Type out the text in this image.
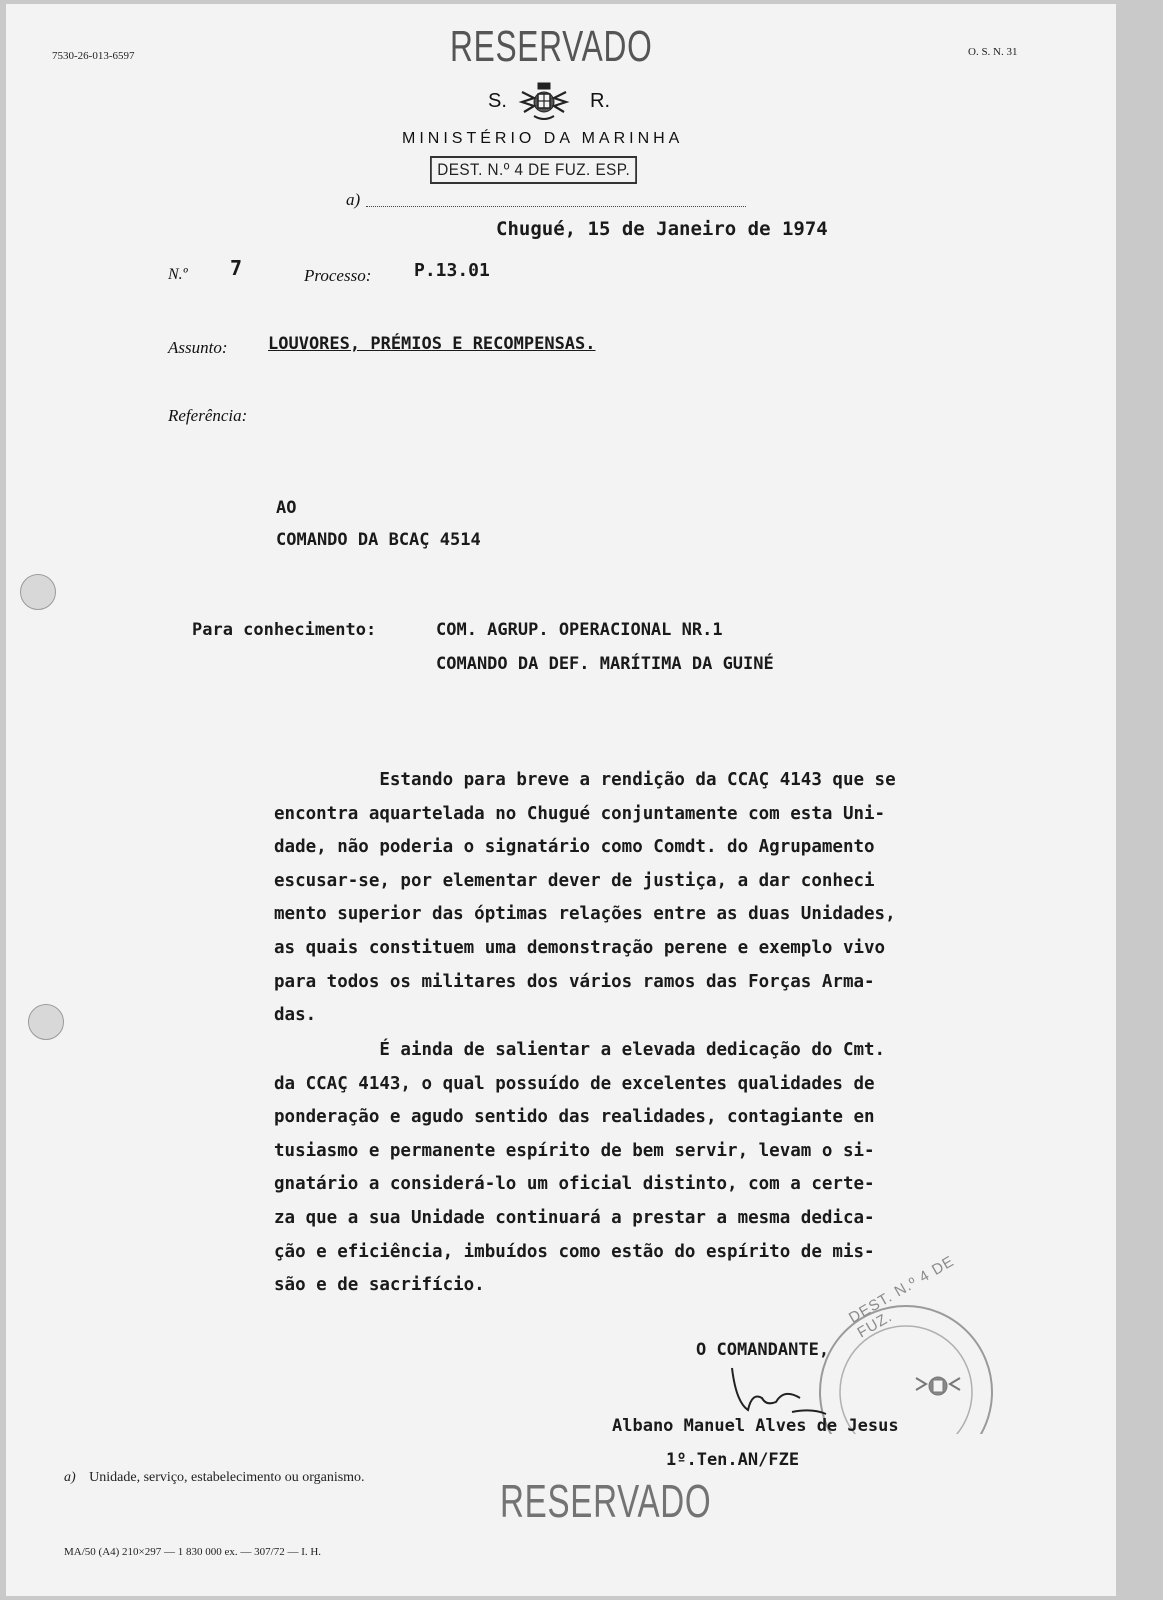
7530-26-013-6597	O. S. N. 31
RESERVADO
S.	R.
MINISTÉRIO DA MARINHA
DEST. N.º 4 DE FUZ. ESP.
a)
Chugué, 15 de Janeiro de 1974
N.º 7	Processo: P.13.01
Assunto: LOUVORES, PRÉMIOS E RECOMPENSAS.
Referência:
AO
COMANDO DA BCAÇ 4514
Para conhecimento:	COM. AGRUP. OPERACIONAL NR.1
COMANDO DA DEF. MARÍTIMA DA GUINÉ
Estando para breve a rendição da CCAÇ 4143 que se
encontra aquartelada no Chugué conjuntamente com esta Uni-
dade, não poderia o signatário como Comdt. do Agrupamento
escusar-se, por elementar dever de justiça, a dar conheci
mento superior das óptimas relações entre as duas Unidades,
as quais constituem uma demonstração perene e exemplo vivo
para todos os militares dos vários ramos das Forças Arma-
das.
É ainda de salientar a elevada dedicação do Cmt.
da CCAÇ 4143, o qual possuído de excelentes qualidades de
ponderação e agudo sentido das realidades, contagiante en
tusiasmo e permanente espírito de bem servir, levam o si-
gnatário a considerá-lo um oficial distinto, com a certe-
za que a sua Unidade continuará a prestar a mesma dedica-
ção e eficiência, imbuídos como estão do espírito de mis-
são e de sacrifício.	DEST. N.º 4 DE FUZ.
O COMANDANTE,
Albano Manuel Alves de Jesus
1º.Ten.AN/FZE
a) Unidade, serviço, estabelecimento ou organismo.	RESERVADO
MA/50 (A4) 210×297 — 1 830 000 ex. — 307/72 — I. H.
